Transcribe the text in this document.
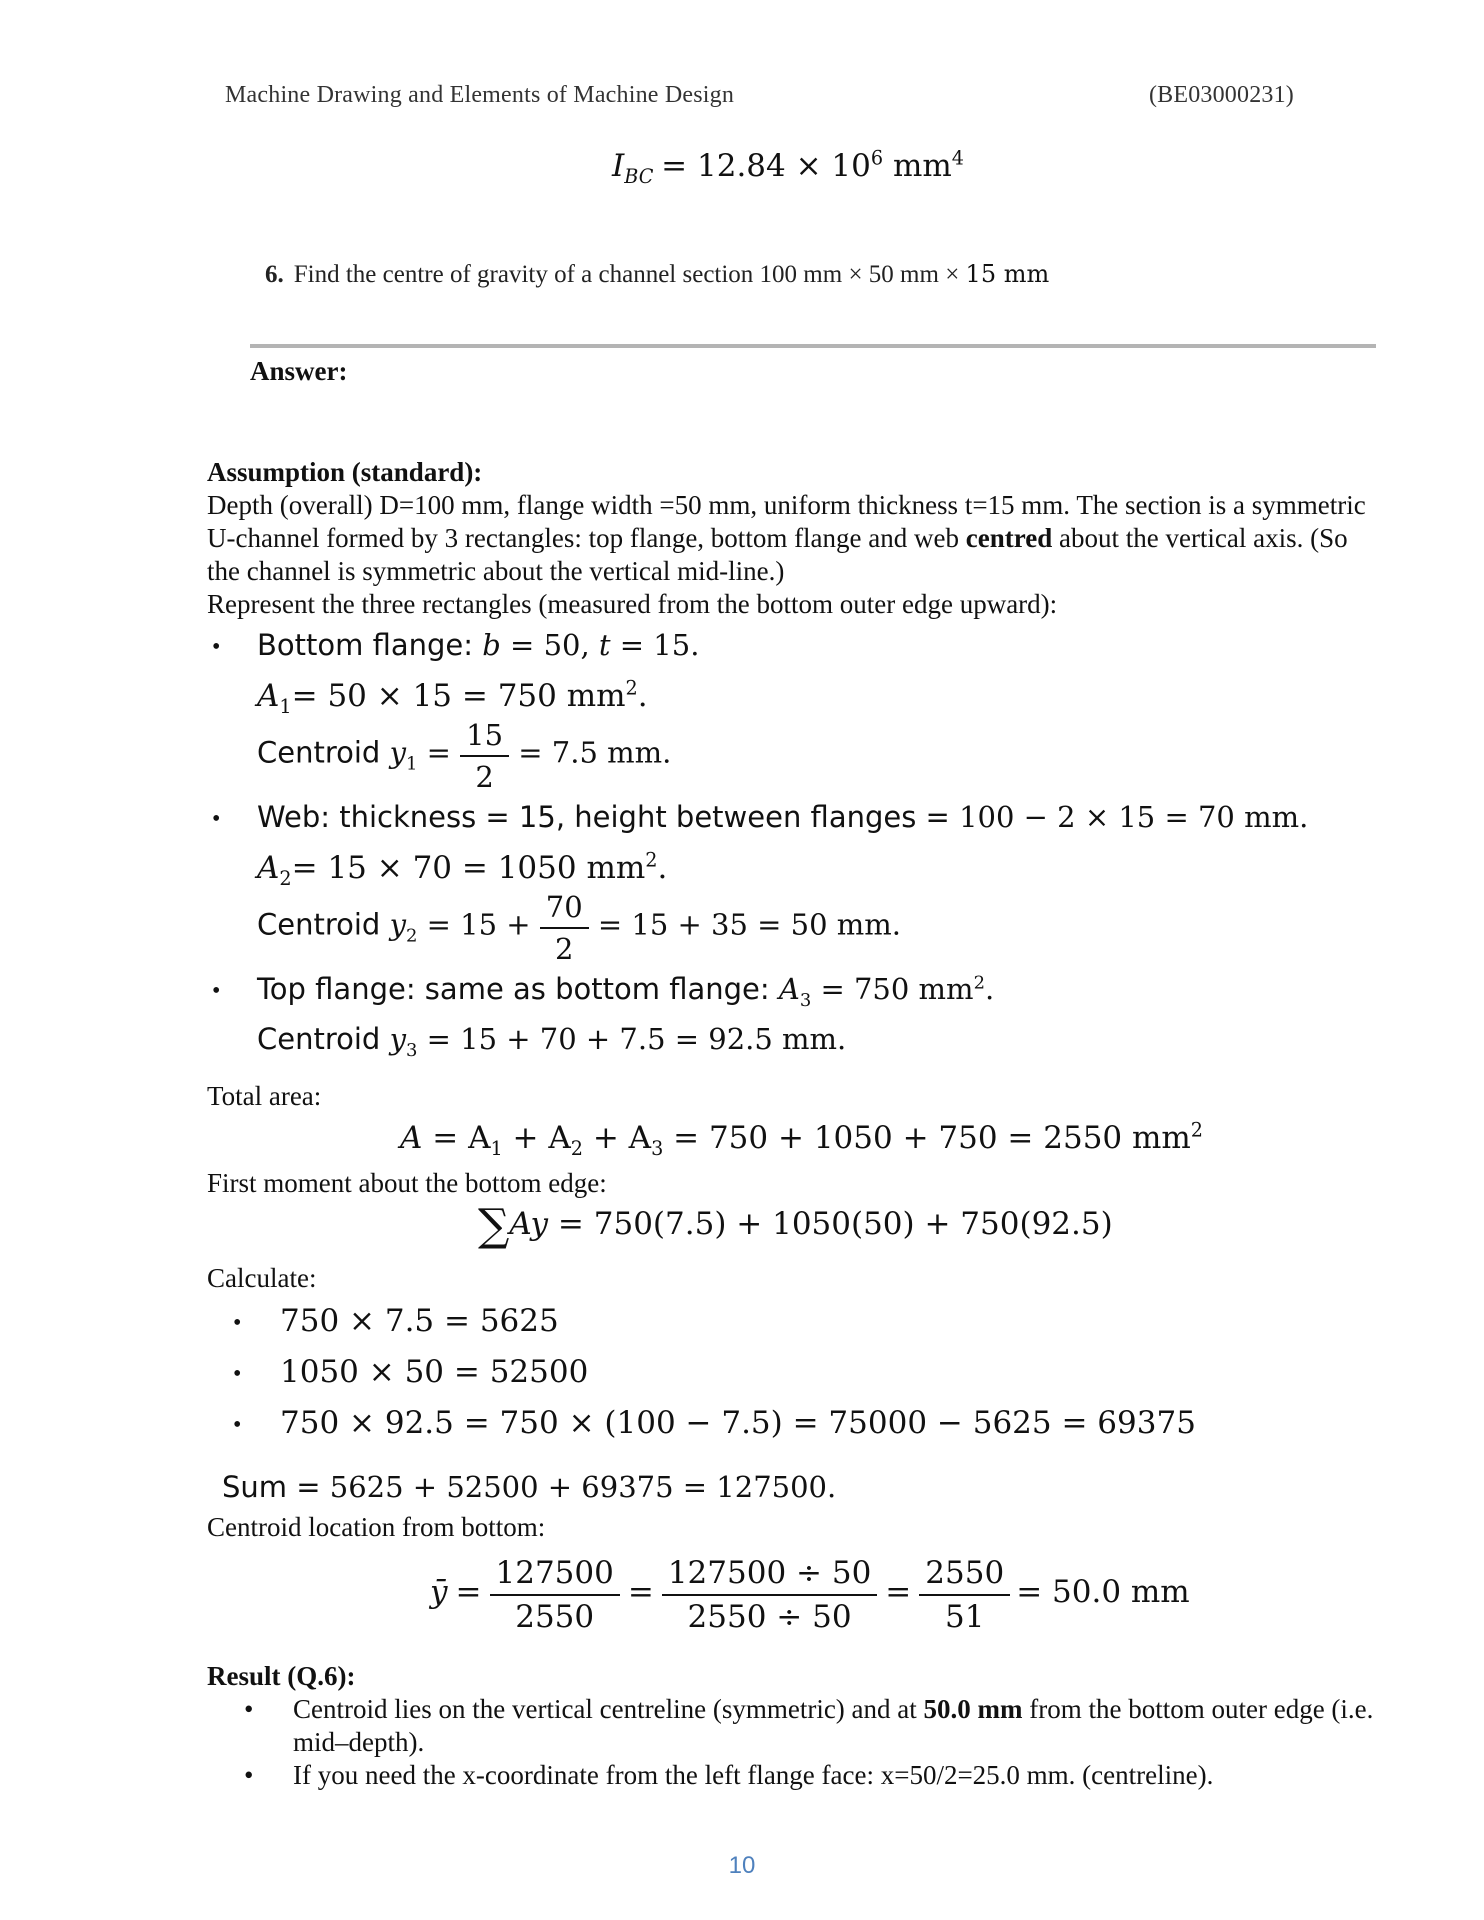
Machine Drawing and Elements of Machine Design	(BE03000231)
$I_{BC} = 12.84 \times 10^6$ $mm^4$
6. Find the centre of gravity of a channel section 100 mm × 50 mm × 15 mm
Answer:
Assumption (standard):
Depth (overall) D=100 mm, flange width =50 mm, uniform thickness t=15 mm. The section is a symmetric U-channel formed by 3 rectangles: top flange, bottom flange and web centred about the vertical axis. (So the channel is symmetric about the vertical mid-line.)
Represent the three rectangles (measured from the bottom outer edge upward):
• Bottom flange: b = 50, t = 15.
$A_1= 50 \times 15 = 750$ $mm^2$.
Centroid $y_1 = \frac{15}{2} = 7.5$ mm.
• Web: thickness = 15, height between flanges = 100 − 2 × 15 = 70 mm.
$A_2= 15 \times 70 = 1050$ $mm^2$.
Centroid $y_2 = 15 + \frac{70}{2} = 15 + 35 = 50$ mm.
• Top flange: same as bottom flange: $A_3 = 750$ $mm^2$.
Centroid $y_3 = 15 + 70 + 7.5 = 92.5$ mm.
Total area:
$A = A_1 + A_2 + A_3 = 750 + 1050 + 750 = 2550$ $mm^2$
First moment about the bottom edge:
∑Ay = 750(7.5) + 1050(50) + 750(92.5)
Calculate:
• 750 × 7.5 = 5625
• 1050 × 50 = 52500
• 750 × 92.5 = 750 × (100 − 7.5) = 75000 − 5625 = 69375
Sum = 5625 + 52500 + 69375 = 127500.
Centroid location from bottom:
ȳ = $\frac{127500}{2550} = \frac{127500 \div 50}{2550 \div 50} = \frac{2550}{51} = 50.0$ mm
Result (Q.6):
• Centroid lies on the vertical centreline (symmetric) and at 50.0 mm from the bottom outer edge (i.e. mid–depth).
• If you need the x-coordinate from the left flange face: x=50/2=25.0 mm. (centreline).
10
